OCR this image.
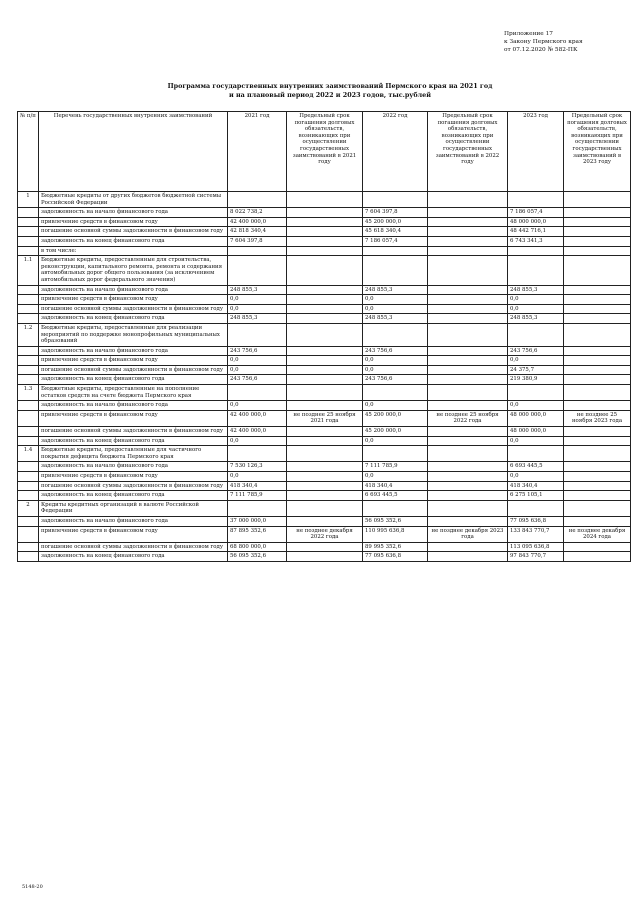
Приложение 17
к Закону Пермского края
от 07.12.2020 № 582-ПК
Программа государственных внутренних заимствований Пермского края на 2021 год
и на плановый период 2022 и 2023 годов, тыс.рублей
№ п/п	Перечень государственных внутренних заимствований	2021 год	Предельный срок погашения долговых обязательств, возникающих при осуществлении государственных заимствований в 2021 году	2022 год	Предельный срок погашения долговых обязательств, возникающих при осуществлении государственных заимствований в 2022 году	2023 год	Предельный срок погашения долговых обязательств, возникающих при осуществлении государственных заимствований в 2023 году
1	Бюджетные кредиты от других бюджетов бюджетной системы Российской Федерации						
	задолженность на начало финансового года	8 022 738,2		7 604 397,8		7 186 057,4	
	привлечение средств в финансовом году	42 400 000,0		45 200 000,0		48 000 000,0	
	погашение основной суммы задолженности в финансовом году	42 818 340,4		45 618 340,4		48 442 716,1	
	задолженность на конец финансового года	7 604 397,8		7 186 057,4		6 743 341,3	
	в том числе:						
1.1	Бюджетные кредиты, предоставленные для строительства, реконструкции, капитального ремонта, ремонта и содержания автомобильных дорог общего пользования (за исключением автомобильных дорог федерального значения)						
	задолженность на начало финансового года	248 855,3		248 855,3		248 855,3	
	привлечение средств в финансовом году	0,0		0,0		0,0	
	погашение основной суммы задолженности в финансовом году	0,0		0,0		0,0	
	задолженность на конец финансового года	248 855,3		248 855,3		248 855,3	
1.2	Бюджетные кредиты, предоставленные для реализации мероприятий по поддержке монопрофильных муниципальных образований						
	задолженность на начало финансового года	243 756,6		243 756,6		243 756,6	
	привлечение средств в финансовом году	0,0		0,0		0,0	
	погашение основной суммы задолженности в финансовом году	0,0		0,0		24 375,7	
	задолженность на конец финансового года	243 756,6		243 756,6		219 380,9	
1.3	Бюджетные кредиты, предоставленные на пополнение остатков средств на счете бюджета Пермского края						
	задолженность на начало финансового года	0,0		0,0		0,0	
	привлечение средств в финансовом году	42 400 000,0	не позднее 25 ноября 2021 года	45 200 000,0	не позднее 25 ноября 2022 года	48 000 000,0	не позднее 25 ноября 2023 года
	погашение основной суммы задолженности в финансовом году	42 400 000,0		45 200 000,0		48 000 000,0	
	задолженность на конец финансового года	0,0		0,0		0,0	
1.4	Бюджетные кредиты, предоставленные для частичного покрытия дефицита бюджета Пермского края						
	задолженность на начало финансового года	7 530 126,3		7 111 785,9		6 693 445,5	
	привлечение средств в финансовом году	0,0		0,0		0,0	
	погашение основной суммы задолженности в финансовом году	418 340,4		418 340,4		418 340,4	
	задолженность на конец финансового года	7 111 785,9		6 693 445,5		6 275 105,1	
2	Кредиты кредитных организаций в валюте Российской Федерации						
	задолженность на начало финансового года	37 000 000,0		56 095 352,6		77 095 636,8	
	привлечение средств в финансовом году	87 895 352,6	не позднее декабря 2022 года	110 995 636,8	не позднее декабря 2023 года	133 843 770,7	не позднее декабря 2024 года
	погашение основной суммы задолженности в финансовом году	68 800 000,0		89 995 352,6		113 095 636,8	
	задолженность на конец финансового года	56 095 352,6		77 095 636,8		97 843 770,7	
5148-20
